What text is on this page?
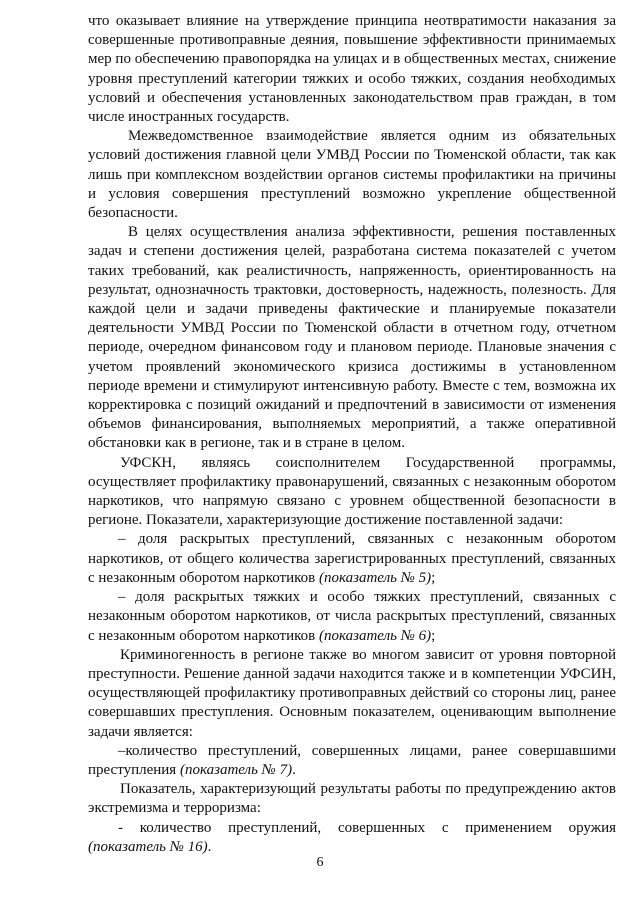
что оказывает влияние на утверждение принципа неотвратимости наказания за совершенные противоправные деяния, повышение эффективности принимаемых мер по обеспечению правопорядка на улицах и в общественных местах, снижение уровня преступлений категории тяжких и особо тяжких, создания необходимых условий и обеспечения установленных законодательством прав граждан, в том числе иностранных государств.

Межведомственное взаимодействие является одним из обязательных условий достижения главной цели УМВД России по Тюменской области, так как лишь при комплексном воздействии органов системы профилактики на причины и условия совершения преступлений возможно укрепление общественной безопасности.

В целях осуществления анализа эффективности, решения поставленных задач и степени достижения целей, разработана система показателей с учетом таких требований, как реалистичность, напряженность, ориентированность на результат, однозначность трактовки, достоверность, надежность, полезность. Для каждой цели и задачи приведены фактические и планируемые показатели деятельности УМВД России по Тюменской области в отчетном году, отчетном периоде, очередном финансовом году и плановом периоде. Плановые значения с учетом проявлений экономического кризиса достижимы в установленном периоде времени и стимулируют интенсивную работу. Вместе с тем, возможна их корректировка с позиций ожиданий и предпочтений в зависимости от изменения объемов финансирования, выполняемых мероприятий, а также оперативной обстановки как в регионе, так и в стране в целом.

УФСКН, являясь соисполнителем Государственной программы, осуществляет профилактику правонарушений, связанных с незаконным оборотом наркотиков, что напрямую связано с уровнем общественной безопасности в регионе. Показатели, характеризующие достижение поставленной задачи:

– доля раскрытых преступлений, связанных с незаконным оборотом наркотиков, от общего количества зарегистрированных преступлений, связанных с незаконным оборотом наркотиков (показатель № 5);

– доля раскрытых тяжких и особо тяжких преступлений, связанных с незаконным оборотом наркотиков, от числа раскрытых преступлений, связанных с незаконным оборотом наркотиков (показатель № 6);

Криминогенность в регионе также во многом зависит от уровня повторной преступности. Решение данной задачи находится также и в компетенции УФСИН, осуществляющей профилактику противоправных действий со стороны лиц, ранее совершавших преступления. Основным показателем, оценивающим выполнение задачи является:

–количество преступлений, совершенных лицами, ранее совершавшими преступления (показатель № 7).

Показатель, характеризующий результаты работы по предупреждению актов экстремизма и терроризма:

- количество преступлений, совершенных с применением оружия (показатель № 16).

6
